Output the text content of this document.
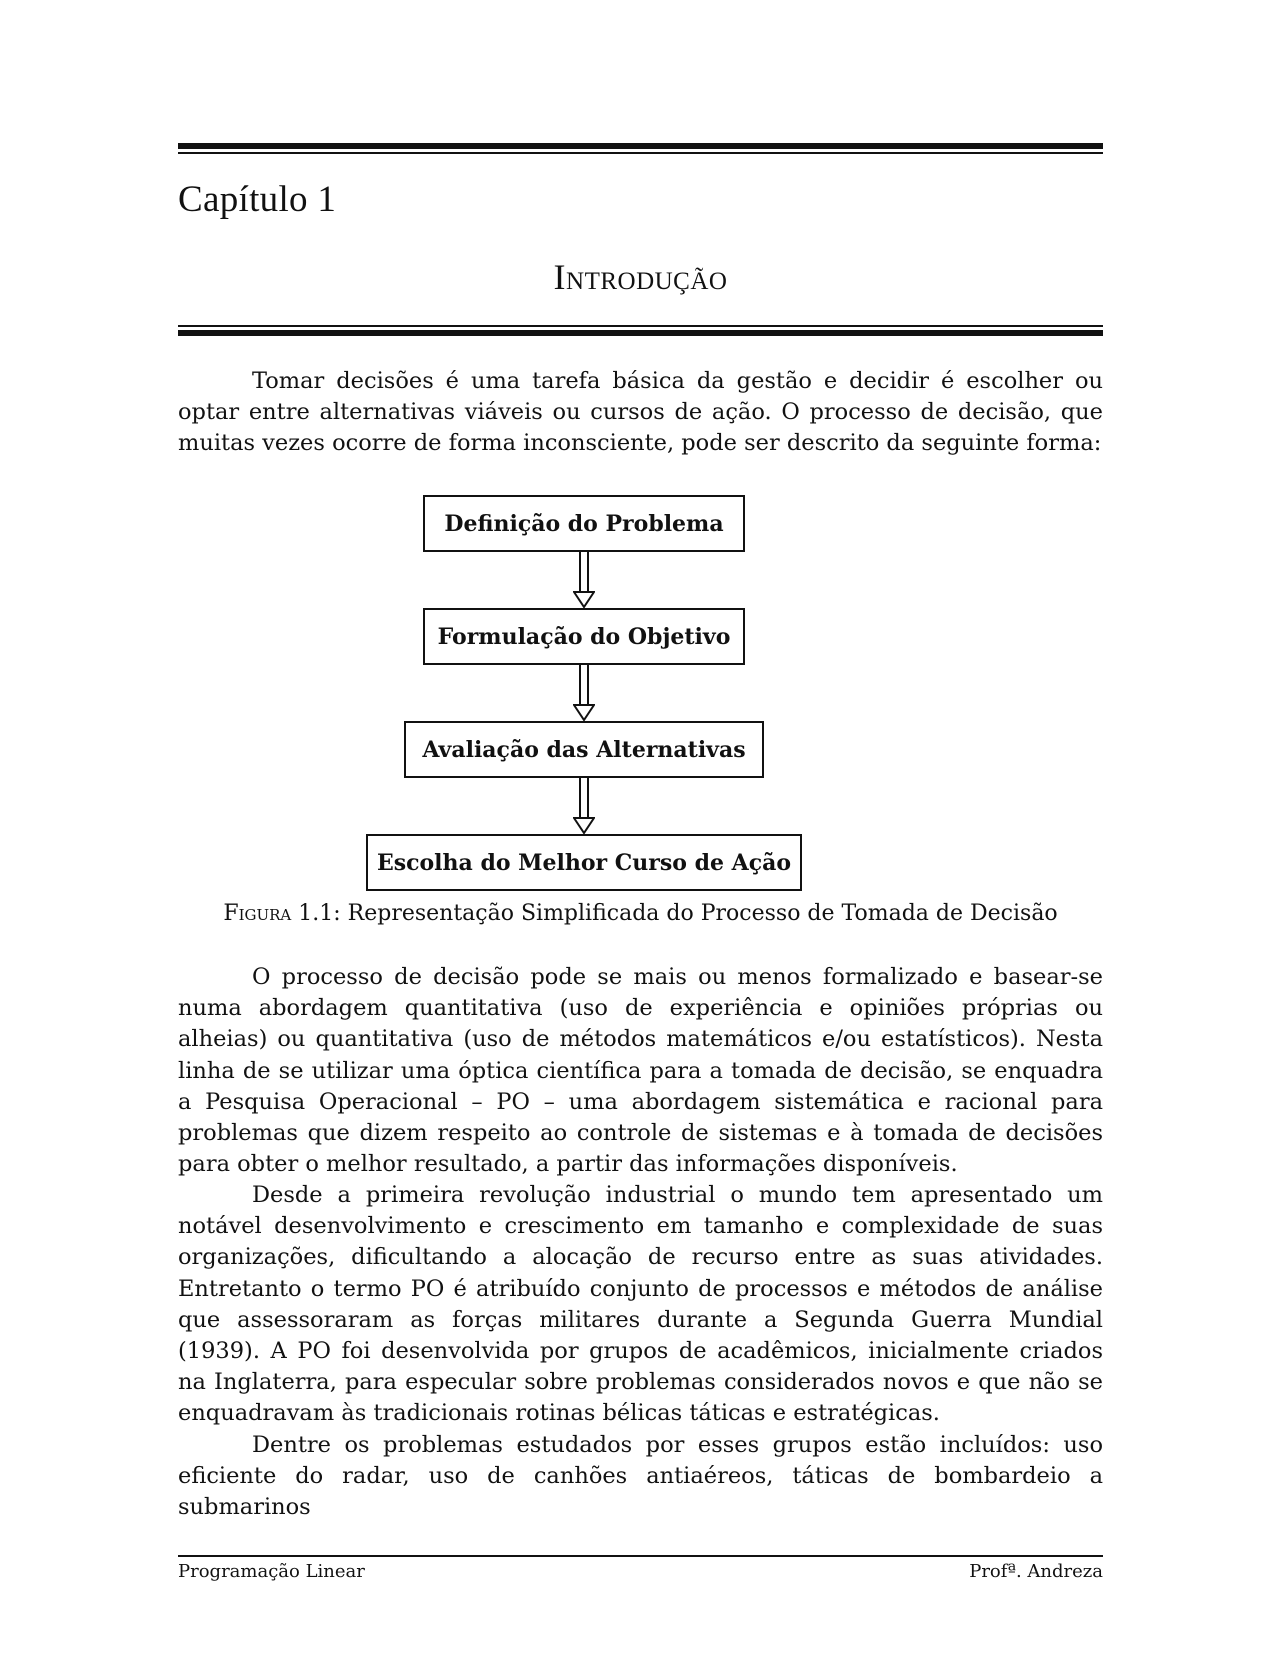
Capítulo 1
Introdução

Tomar decisões é uma tarefa básica da gestão e decidir é escolher ou optar entre alternativas viáveis ou cursos de ação. O processo de decisão, que muitas vezes ocorre de forma inconsciente, pode ser descrito da seguinte forma:

Definição do Problema
Formulação do Objetivo
Avaliação das Alternativas
Escolha do Melhor Curso de Ação
Figura 1.1: Representação Simplificada do Processo de Tomada de Decisão

O processo de decisão pode se mais ou menos formalizado e basear-se numa abordagem quantitativa (uso de experiência e opiniões próprias ou alheias) ou quantitativa (uso de métodos matemáticos e/ou estatísticos). Nesta linha de se utilizar uma óptica científica para a tomada de decisão, se enquadra a Pesquisa Operacional – PO – uma abordagem sistemática e racional para problemas que dizem respeito ao controle de sistemas e à tomada de decisões para obter o melhor resultado, a partir das informações disponíveis.

Desde a primeira revolução industrial o mundo tem apresentado um notável desenvolvimento e crescimento em tamanho e complexidade de suas organizações, dificultando a alocação de recurso entre as suas atividades. Entretanto o termo PO é atribuído conjunto de processos e métodos de análise que assessoraram as forças militares durante a Segunda Guerra Mundial (1939). A PO foi desenvolvida por grupos de acadêmicos, inicialmente criados na Inglaterra, para especular sobre problemas considerados novos e que não se enquadravam às tradicionais rotinas bélicas táticas e estratégicas.

Dentre os problemas estudados por esses grupos estão incluídos: uso eficiente do radar, uso de canhões antiaéreos, táticas de bombardeio a submarinos

Programação Linear	Profª. Andreza
